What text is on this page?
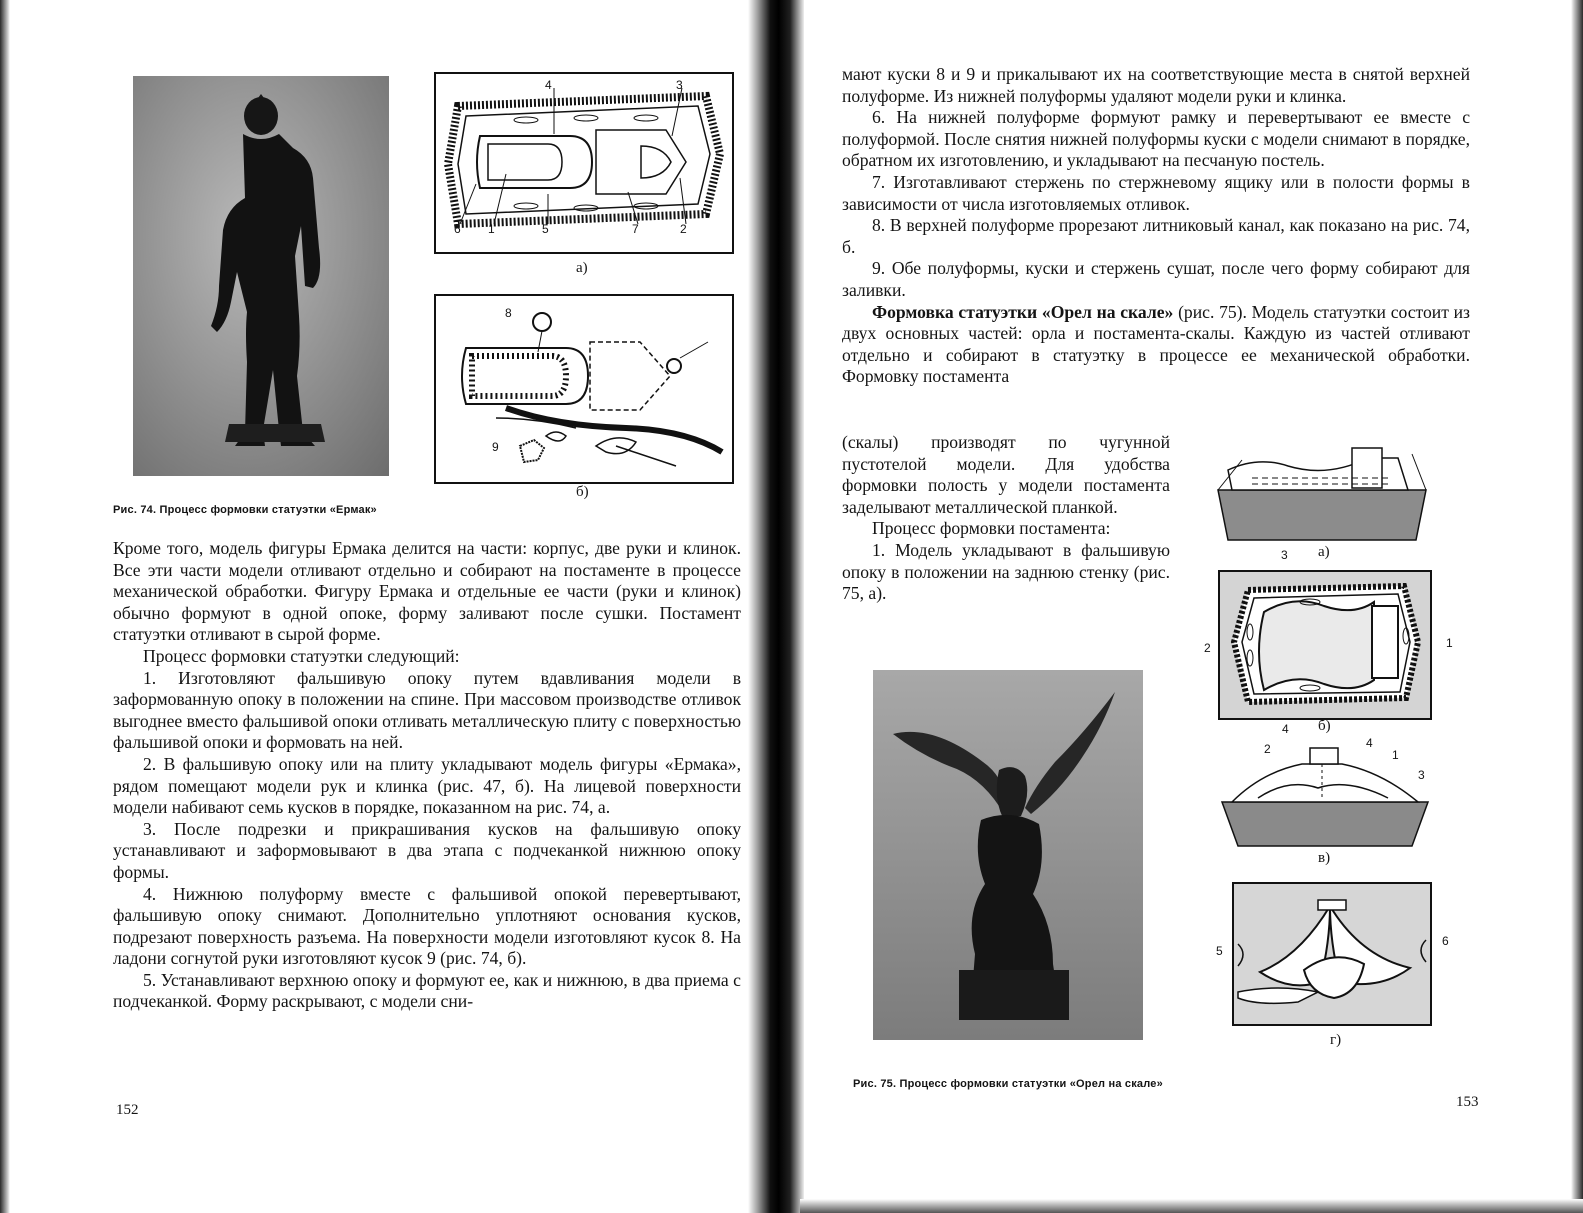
4	3
6 1	5	7	2
а)
8
9
б)
Рис. 74. Процесс формовки статуэтки «Ермак»

Кроме того, модель фигуры Ермака делится на части: корпус, две руки и клинок. Все эти части модели отливают отдельно и собирают на постаменте в процессе механической обработки. Фигуру Ермака и отдельные ее части (руки и клинок) обычно формуют в одной опоке, форму заливают после сушки. Постамент статуэтки отливают в сырой форме.

Процесс формовки статуэтки следующий:

1. Изготовляют фальшивую опоку путем вдавливания модели в заформованную опоку в положении на спине. При массовом производстве отливок выгоднее вместо фальшивой опоки отливать металлическую плиту с поверхностью фальшивой опоки и формовать на ней.

2. В фальшивую опоку или на плиту укладывают модель фигуры «Ермака», рядом помещают модели рук и клинка (рис. 47, б). На лицевой поверхности модели набивают семь кусков в порядке, показанном на рис. 74, а.

3. После подрезки и прикрашивания кусков на фальшивую опоку устанавливают и заформовывают в два этапа с подчеканкой нижнюю опоку формы.

4. Нижнюю полуформу вместе с фальшивой опокой перевертывают, фальшивую опоку снимают. Дополнительно уплотняют основания кусков, подрезают поверхность разъема. На поверхности модели изготовляют кусок 8. На ладони согнутой руки изготовляют кусок 9 (рис. 74, б).

5. Устанавливают верхнюю опоку и формуют ее, как и нижнюю, в два приема с подчеканкой. Форму раскрывают, с модели сни-

152

мают куски 8 и 9 и прикалывают их на соответствующие места в снятой верхней полуформе. Из нижней полуформы удаляют модели руки и клинка.

6. На нижней полуформе формуют рамку и перевертывают ее вместе с полуформой. После снятия нижней полуформы куски с модели снимают в порядке, обратном их изготовлению, и укладывают на песчаную постель.

7. Изготавливают стержень по стержневому ящику или в полости формы в зависимости от числа изготовляемых отливок.

8. В верхней полуформе прорезают литниковый канал, как показано на рис. 74, б.

9. Обе полуформы, куски и стержень сушат, после чего форму собирают для заливки.

Формовка статуэтки «Орел на скале» (рис. 75). Модель статуэтки состоит из двух основных частей: орла и постамента-скалы. Каждую из частей отливают отдельно и собирают в статуэтку в процессе ее механической обработки. Формовку постамента

(скалы) производят по чугунной пустотелой модели. Для удобства формовки полость у модели постамента заделывают металлической планкой.

Процесс формовки постамента:

1. Модель укладывают в фальшивую опоку в положении на заднюю стенку (рис. 75, а).

а)
3
2	1
4 б)
2	4
1
3
в)
5
6
г)
Рис. 75. Процесс формовки статуэтки «Орел на скале»
153
